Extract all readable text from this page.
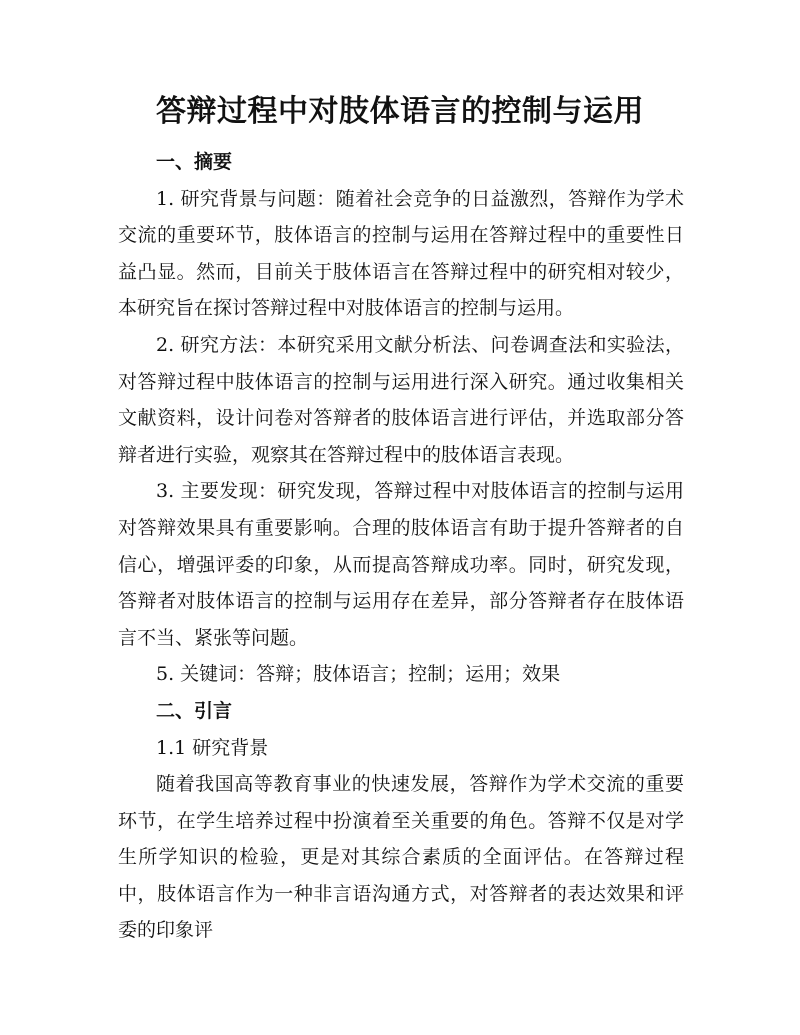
答辩过程中对肢体语言的控制与运用

一、摘要

1. 研究背景与问题：随着社会竞争的日益激烈，答辩作为学术交流的重要环节，肢体语言的控制与运用在答辩过程中的重要性日益凸显。然而，目前关于肢体语言在答辩过程中的研究相对较少，本研究旨在探讨答辩过程中对肢体语言的控制与运用。

2. 研究方法：本研究采用文献分析法、问卷调查法和实验法，对答辩过程中肢体语言的控制与运用进行深入研究。通过收集相关文献资料，设计问卷对答辩者的肢体语言进行评估，并选取部分答辩者进行实验，观察其在答辩过程中的肢体语言表现。

3. 主要发现：研究发现，答辩过程中对肢体语言的控制与运用对答辩效果具有重要影响。合理的肢体语言有助于提升答辩者的自信心，增强评委的印象，从而提高答辩成功率。同时，研究发现，答辩者对肢体语言的控制与运用存在差异，部分答辩者存在肢体语言不当、紧张等问题。

5. 关键词：答辩；肢体语言；控制；运用；效果

二、引言

1.1 研究背景

随着我国高等教育事业的快速发展，答辩作为学术交流的重要环节，在学生培养过程中扮演着至关重要的角色。答辩不仅是对学生所学知识的检验，更是对其综合素质的全面评估。在答辩过程中，肢体语言作为一种非言语沟通方式，对答辩者的表达效果和评委的印象评
